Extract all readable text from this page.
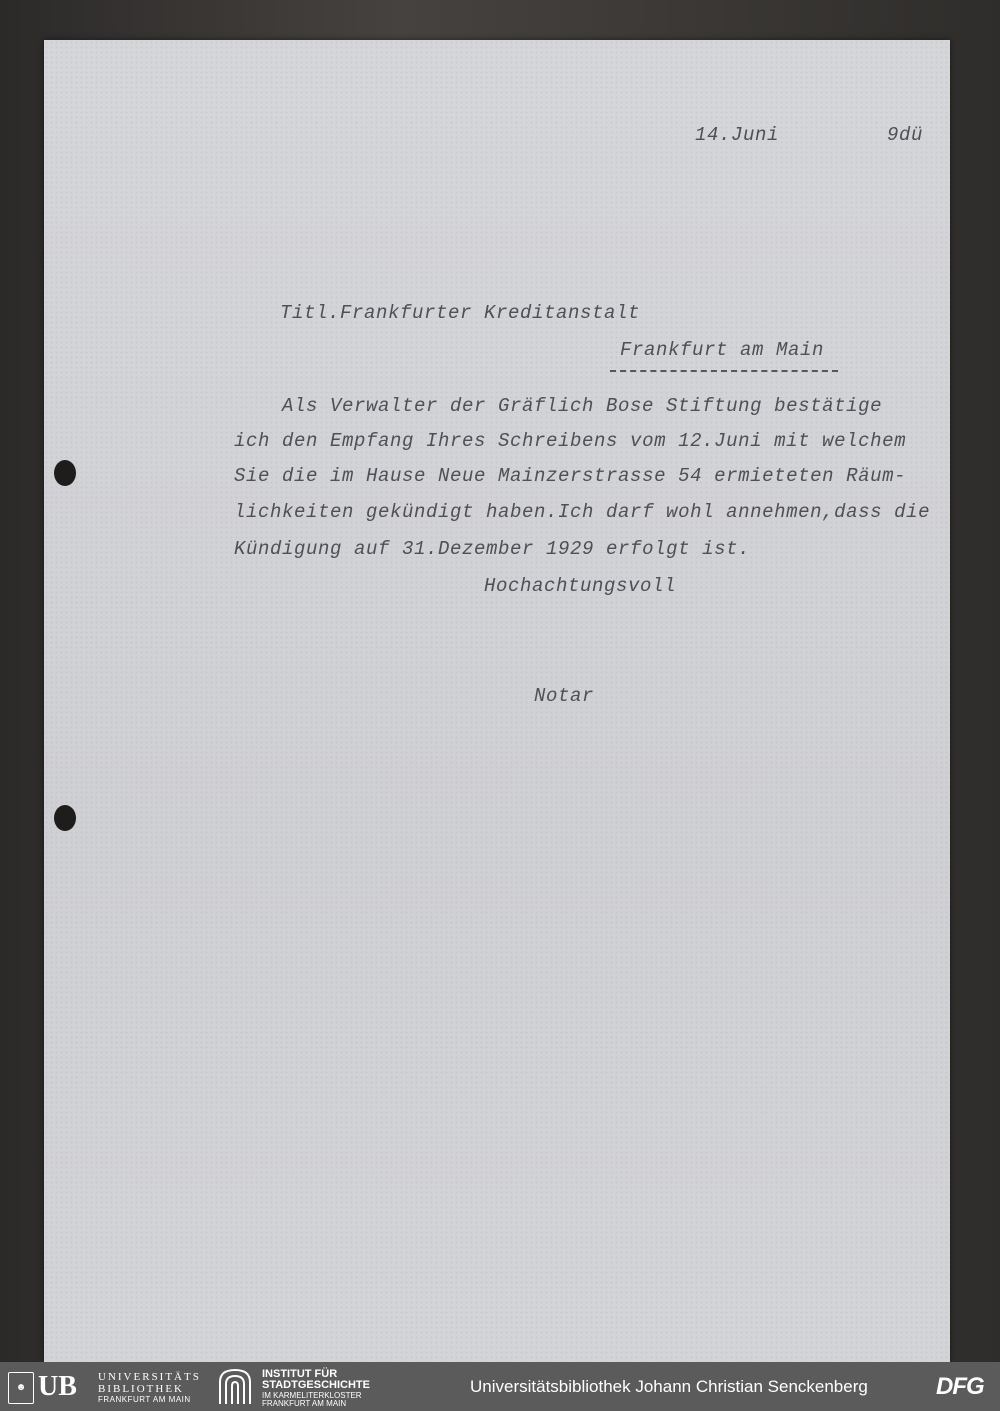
14.Juni	9dü
Titl.Frankfurter Kreditanstalt
Frankfurt am Main
Als Verwalter der Gräflich Bose Stiftung bestätige
ich den Empfang Ihres Schreibens vom 12.Juni mit welchem
Sie die im Hause Neue Mainzerstrasse 54 ermieteten Räum-
lichkeiten gekündigt haben.Ich darf wohl annehmen,dass die
Kündigung auf 31.Dezember 1929 erfolgt ist.
Hochachtungsvoll
Notar
☻ UB UNIVERSITÄTS
BIBLIOTHEK
FRANKFURT AM MAIN
INSTITUT FÜR
STADTGESCHICHTE
IM KARMELITERKLOSTER
FRANKFURT AM MAIN
Universitätsbibliothek Johann Christian Senckenberg	DFG
